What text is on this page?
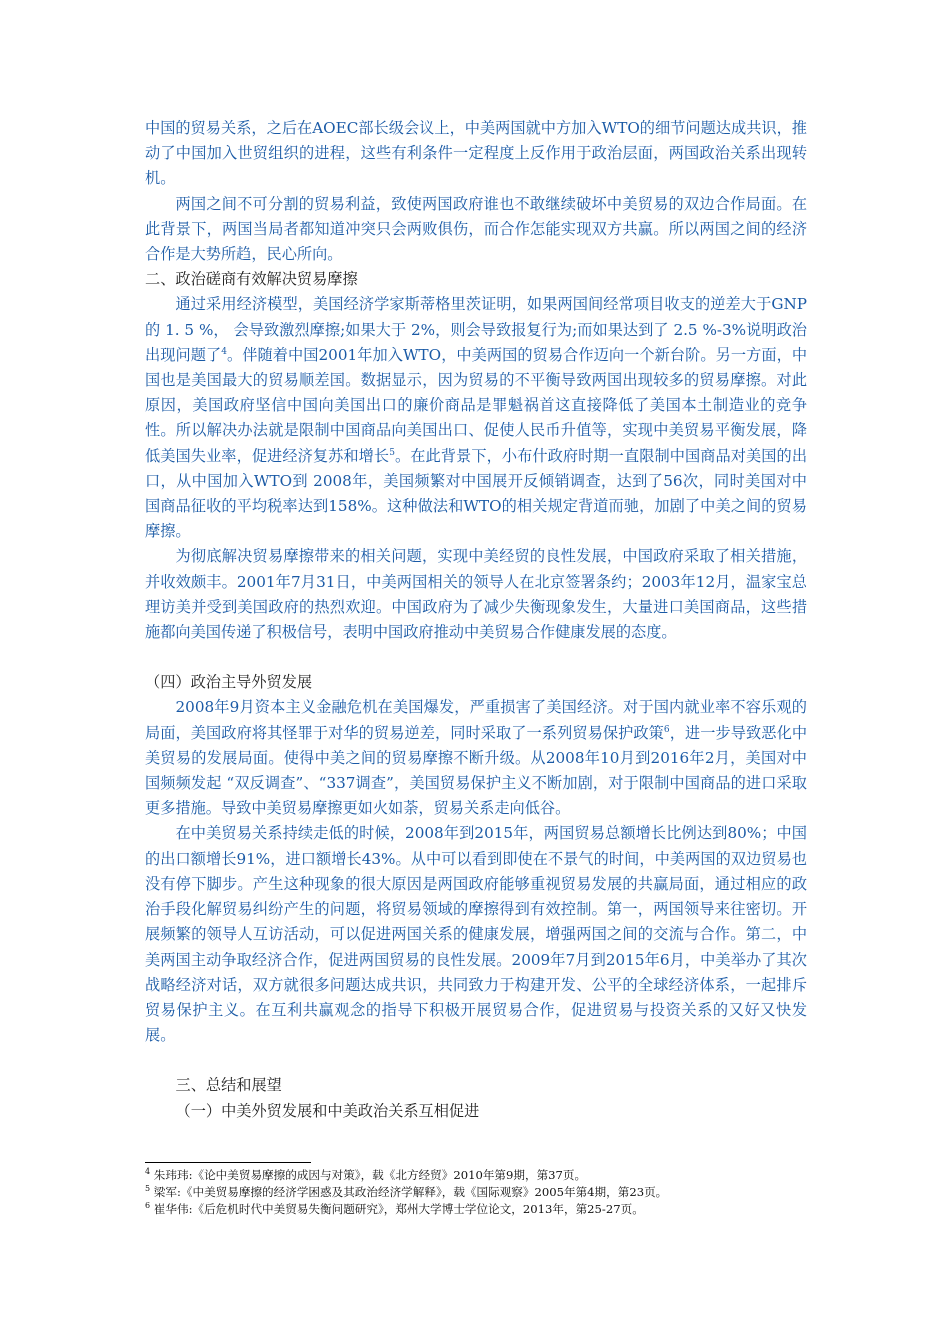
中国的贸易关系，之后在AOEC部长级会议上，中美两国就中方加入WTO的细节问题达成共识，推动了中国加入世贸组织的进程，这些有利条件一定程度上反作用于政治层面，两国政治关系出现转机。

两国之间不可分割的贸易利益，致使两国政府谁也不敢继续破坏中美贸易的双边合作局面。在此背景下，两国当局者都知道冲突只会两败俱伤，而合作怎能实现双方共赢。所以两国之间的经济合作是大势所趋，民心所向。

二、政治磋商有效解决贸易摩擦

通过采用经济模型，美国经济学家斯蒂格里茨证明，如果两国间经常项目收支的逆差大于GNP的 1. 5 %， 会导致激烈摩擦;如果大于 2%，则会导致报复行为;而如果达到了 2.5 %-3%说明政治出现问题了$^4$。伴随着中国2001年加入WTO，中美两国的贸易合作迈向一个新台阶。另一方面，中国也是美国最大的贸易顺差国。数据显示，因为贸易的不平衡导致两国出现较多的贸易摩擦。对此原因，美国政府坚信中国向美国出口的廉价商品是罪魁祸首这直接降低了美国本土制造业的竞争性。所以解决办法就是限制中国商品向美国出口、促使人民币升值等，实现中美贸易平衡发展，降低美国失业率，促进经济复苏和增长$^5$。在此背景下，小布什政府时期一直限制中国商品对美国的出口，从中国加入WTO到 2008年，美国频繁对中国展开反倾销调查，达到了56次，同时美国对中国商品征收的平均税率达到158%。这种做法和WTO的相关规定背道而驰，加剧了中美之间的贸易摩擦。

为彻底解决贸易摩擦带来的相关问题，实现中美经贸的良性发展，中国政府采取了相关措施，并收效颇丰。2001年7月31日，中美两国相关的领导人在北京签署条约；2003年12月，温家宝总理访美并受到美国政府的热烈欢迎。中国政府为了减少失衡现象发生，大量进口美国商品，这些措施都向美国传递了积极信号，表明中国政府推动中美贸易合作健康发展的态度。

（四）政治主导外贸发展

2008年9月资本主义金融危机在美国爆发，严重损害了美国经济。对于国内就业率不容乐观的局面，美国政府将其怪罪于对华的贸易逆差，同时采取了一系列贸易保护政策$^6$，进一步导致恶化中美贸易的发展局面。使得中美之间的贸易摩擦不断升级。从2008年10月到2016年2月，美国对中国频频发起 “双反调查”、“337调查”，美国贸易保护主义不断加剧，对于限制中国商品的进口采取更多措施。导致中美贸易摩擦更如火如荼，贸易关系走向低谷。

在中美贸易关系持续走低的时候，2008年到2015年，两国贸易总额增长比例达到80%；中国的出口额增长91%，进口额增长43%。从中可以看到即使在不景气的时间，中美两国的双边贸易也没有停下脚步。产生这种现象的很大原因是两国政府能够重视贸易发展的共赢局面，通过相应的政治手段化解贸易纠纷产生的问题，将贸易领域的摩擦得到有效控制。第一，两国领导来往密切。开展频繁的领导人互访活动，可以促进两国关系的健康发展，增强两国之间的交流与合作。第二，中美两国主动争取经济合作，促进两国贸易的良性发展。2009年7月到2015年6月，中美举办了其次战略经济对话，双方就很多问题达成共识，共同致力于构建开发、公平的全球经济体系，一起排斥贸易保护主义。在互利共赢观念的指导下积极开展贸易合作，促进贸易与投资关系的又好又快发展。

三、总结和展望

（一）中美外贸发展和中美政治关系互相促进

$^4$ 朱玮玮:《论中美贸易摩擦的成因与对策》，载《北方经贸》2010年第9期，第37页。

$^5$ 梁军:《中美贸易摩擦的经济学困惑及其政治经济学解释》，载《国际观察》2005年第4期，第23页。

$^6$ 崔华伟:《后危机时代中美贸易失衡问题研究》，郑州大学博士学位论文，2013年，第25-27页。
